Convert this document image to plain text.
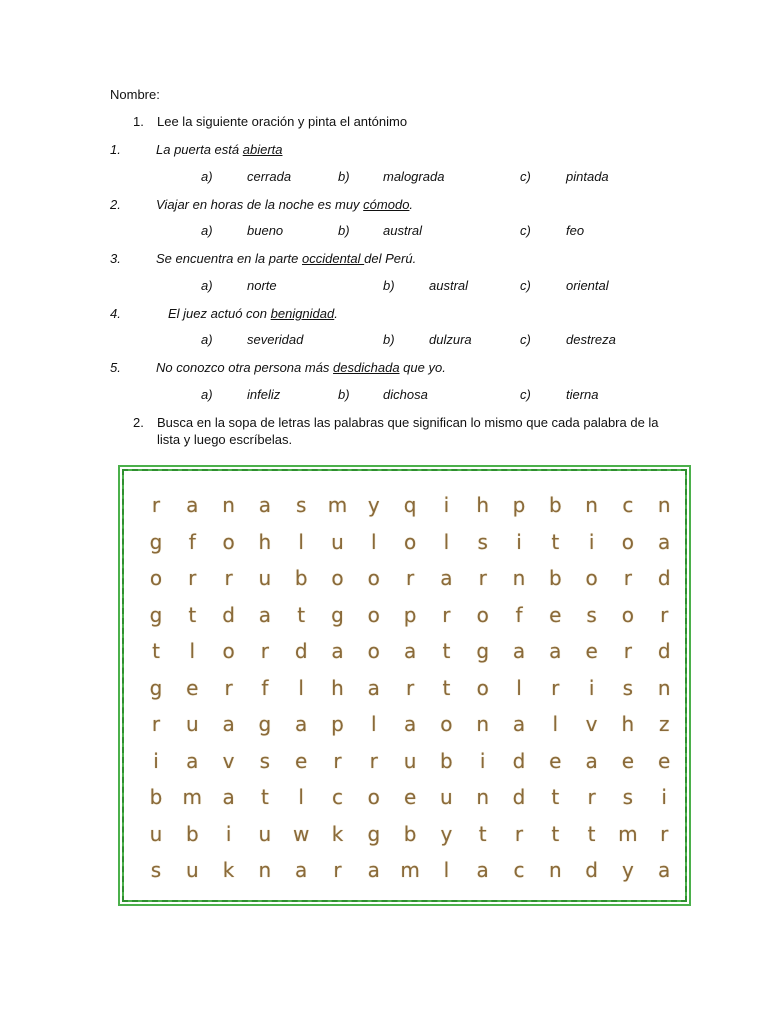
Nombre:
1. Lee la siguiente oración y pinta el antónimo
1.	La puerta está abierta
a)	cerrada	b)	malograda	c)	pintada
2.	Viajar en horas de la noche es muy cómodo.
a)	bueno	b)	austral	c)	feo
3.	Se encuentra en la parte occidental del Perú.
a)	norte	b)	austral	c)	oriental
4.	El juez actuó con benignidad.
a)	severidad	b)	dulzura	c)	destreza
5.	No conozco otra persona más desdichada que yo.
a)	infeliz	b)	dichosa	c)	tierna
2. Busca en la sopa de letras las palabras que significan lo mismo que cada palabra de la
lista y luego escríbelas.
r	a	n	a	s	m	y	q	i	h	p	b	n	c	n
g	f	o	h	l	u	l	o	l	s	i	t	i	o	a
o	r	r	u	b	o	o	r	a	r	n	b	o	r	d
g	t	d	a	t	g	o	p	r	o	f	e	s	o	r
t	l	o	r	d	a	o	a	t	g	a	a	e	r	d
g	e	r	f	l	h	a	r	t	o	l	r	i	s	n
r	u	a	g	a	p	l	a	o	n	a	l	v	h	z
i	a	v	s	e	r	r	u	b	i	d	e	a	e	e
b	m	a	t	l	c	o	e	u	n	d	t	r	s	i
u	b	i	u	w	k	g	b	y	t	r	t	t	m	r
s	u	k	n	a	r	a	m	l	a	c	n	d	y	a
